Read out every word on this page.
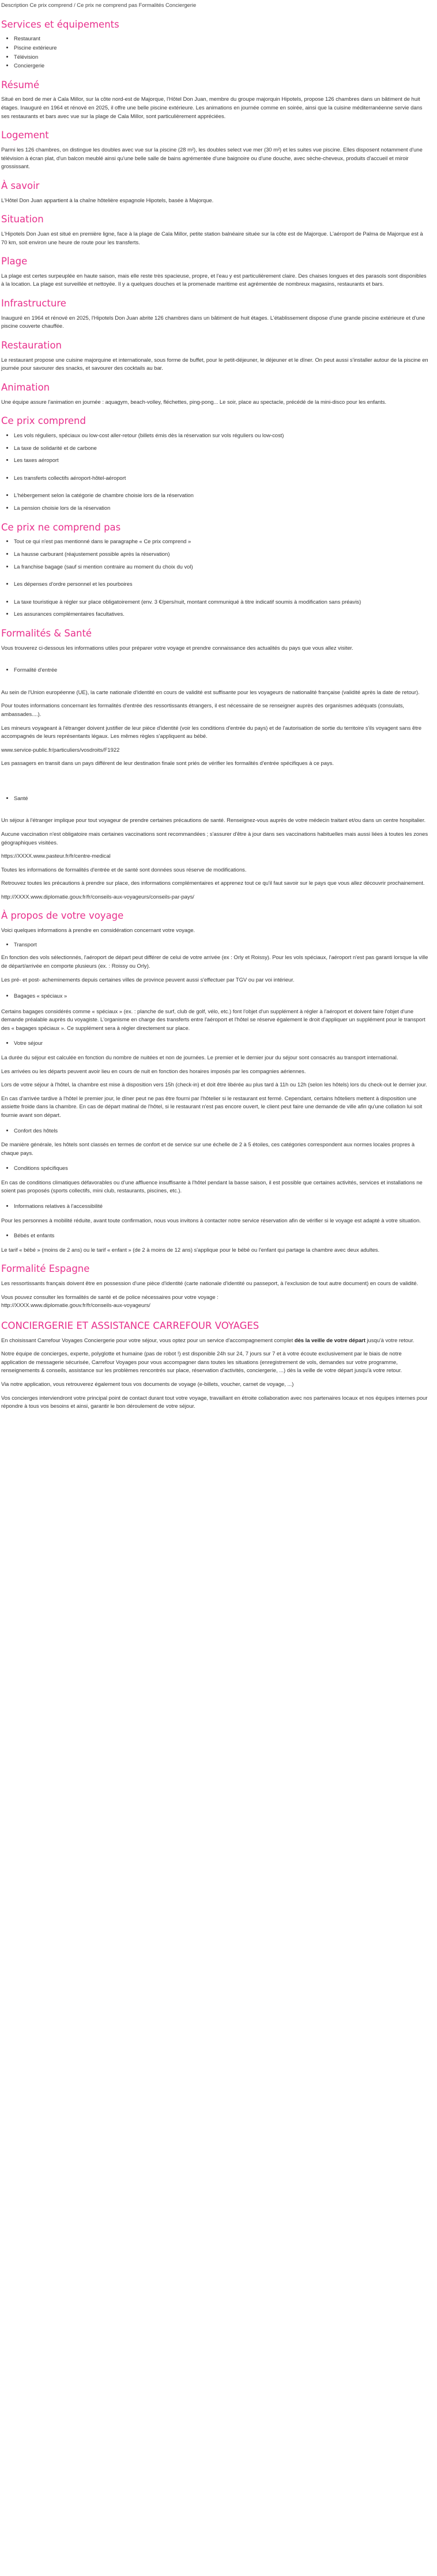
Description Ce prix comprend / Ce prix ne comprend pas Formalités Conciergerie

Services et équipements
• Restaurant
• Piscine extérieure
• Télévision
• Conciergerie
Résumé

Situé en bord de mer à Cala Millor, sur la côte nord-est de Majorque, l'Hôtel Don Juan, membre du groupe majorquin Hipotels, propose 126 chambres dans un bâtiment de huit étages. Inauguré en 1964 et rénové en 2025, il offre une belle piscine extérieure. Les animations en journée comme en soirée, ainsi que la cuisine méditerranéenne servie dans ses restaurants et bars avec vue sur la plage de Cala Millor, sont particulièrement appréciées.

Logement

Parmi les 126 chambres, on distingue les doubles avec vue sur la piscine (28 m²), les doubles select vue mer (30 m²) et les suites vue piscine. Elles disposent notamment d'une télévision à écran plat, d'un balcon meublé ainsi qu'une belle salle de bains agrémentée d'une baignoire ou d'une douche, avec sèche-cheveux, produits d'accueil et miroir grossissant.

À savoir

L'Hôtel Don Juan appartient à la chaîne hôtelière espagnole Hipotels, basée à Majorque.

Situation

L'Hipotels Don Juan est situé en première ligne, face à la plage de Cala Millor, petite station balnéaire située sur la côte est de Majorque. L'aéroport de Palma de Majorque est à 70 km, soit environ une heure de route pour les transferts.

Plage

La plage est certes surpeuplée en haute saison, mais elle reste très spacieuse, propre, et l'eau y est particulièrement claire. Des chaises longues et des parasols sont disponibles à la location. La plage est surveillée et nettoyée. Il y a quelques douches et la promenade maritime est agrémentée de nombreux magasins, restaurants et bars.

Infrastructure

Inauguré en 1964 et rénové en 2025, l'Hipotels Don Juan abrite 126 chambres dans un bâtiment de huit étages. L'établissement dispose d'une grande piscine extérieure et d'une piscine couverte chauffée.

Restauration

Le restaurant propose une cuisine majorquine et internationale, sous forme de buffet, pour le petit-déjeuner, le déjeuner et le dîner. On peut aussi s'installer autour de la piscine en journée pour savourer des snacks, et savourer des cocktails au bar.

Animation

Une équipe assure l'animation en journée : aquagym, beach-volley, fléchettes, ping-pong... Le soir, place au spectacle, précédé de la mini-disco pour les enfants.

Ce prix comprend
• Les vols réguliers, spéciaux ou low-cost aller-retour (billets émis dès la réservation sur vols réguliers ou low-cost)
• La taxe de solidarité et de carbone
• Les taxes aéroport
• Les transferts collectifs aéroport-hôtel-aéroport
• L'hébergement selon la catégorie de chambre choisie lors de la réservation
• La pension choisie lors de la réservation
Ce prix ne comprend pas
• Tout ce qui n'est pas mentionné dans le paragraphe « Ce prix comprend »
• La hausse carburant (réajustement possible après la réservation)
• La franchise bagage (sauf si mention contraire au moment du choix du vol)
• Les dépenses d'ordre personnel et les pourboires
• La taxe touristique à régler sur place obligatoirement (env. 3 €/pers/nuit, montant communiqué à titre indicatif soumis à modification sans préavis)
• Les assurances complémentaires facultatives.
Formalités & Santé

Vous trouverez ci-dessous les informations utiles pour préparer votre voyage et prendre connaissance des actualités du pays que vous allez visiter.

• Formalité d'entrée

Au sein de l'Union européenne (UE), la carte nationale d'identité en cours de validité est suffisante pour les voyageurs de nationalité française (validité après la date de retour).

Pour toutes informations concernant les formalités d'entrée des ressortissants étrangers, il est nécessaire de se renseigner auprès des organismes adéquats (consulats, ambassades....).

Les mineurs voyageant à l'étranger doivent justifier de leur pièce d'identité (voir les conditions d'entrée du pays) et de l'autorisation de sortie du territoire s'ils voyagent sans être accompagnés de leurs représentants légaux. Les mêmes règles s'appliquent au bébé.

www.service-public.fr/particuliers/vosdroits/F1922

Les passagers en transit dans un pays différent de leur destination finale sont priés de vérifier les formalités d'entrée spécifiques à ce pays.

• Santé

Un séjour à l'étranger implique pour tout voyageur de prendre certaines précautions de santé. Renseignez-vous auprès de votre médecin traitant et/ou dans un centre hospitalier.

Aucune vaccination n'est obligatoire mais certaines vaccinations sont recommandées ; s'assurer d'être à jour dans ses vaccinations habituelles mais aussi liées à toutes les zones géographiques visitées.

https://XXXX.www.pasteur.fr/fr/centre-medical

Toutes les informations de formalités d'entrée et de santé sont données sous réserve de modifications.

Retrouvez toutes les précautions à prendre sur place, des informations complémentaires et apprenez tout ce qu'il faut savoir sur le pays que vous allez découvrir prochainement.

http://XXXX.www.diplomatie.gouv.fr/fr/conseils-aux-voyageurs/conseils-par-pays/

À propos de votre voyage

Voici quelques informations à prendre en considération concernant votre voyage.

• Transport

En fonction des vols sélectionnés, l'aéroport de départ peut différer de celui de votre arrivée (ex : Orly et Roissy). Pour les vols spéciaux, l'aéroport n'est pas garanti lorsque la ville de départ/arrivée en comporte plusieurs (ex. : Roissy ou Orly).

Les pré- et post- acheminements depuis certaines villes de province peuvent aussi s'effectuer par TGV ou par voi intérieur.

• Bagages « spéciaux »

Certains bagages considérés comme « spéciaux » (ex. : planche de surf, club de golf, vélo, etc.) font l'objet d'un supplément à régler à l'aéroport et doivent faire l'objet d'une demande préalable auprès du voyagiste. L'organisme en charge des transferts entre l'aéroport et l'hôtel se réserve également le droit d'appliquer un supplément pour le transport des « bagages spéciaux ». Ce supplément sera à régler directement sur place.

• Votre séjour

La durée du séjour est calculée en fonction du nombre de nuitées et non de journées. Le premier et le dernier jour du séjour sont consacrés au transport international.

Les arrivées ou les départs peuvent avoir lieu en cours de nuit en fonction des horaires imposés par les compagnies aériennes.

Lors de votre séjour à l'hôtel, la chambre est mise à disposition vers 15h (check-in) et doit être libérée au plus tard à 11h ou 12h (selon les hôtels) lors du check-out le dernier jour.

En cas d'arrivée tardive à l'hôtel le premier jour, le dîner peut ne pas être fourni par l'hôtelier si le restaurant est fermé. Cependant, certains hôteliers mettent à disposition une assiette froide dans la chambre. En cas de départ matinal de l'hôtel, si le restaurant n'est pas encore ouvert, le client peut faire une demande de ville afin qu'une collation lui soit fournie avant son départ.

• Confort des hôtels

De manière générale, les hôtels sont classés en termes de confort et de service sur une échelle de 2 à 5 étoiles, ces catégories correspondent aux normes locales propres à chaque pays.

• Conditions spécifiques

En cas de conditions climatiques défavorables ou d'une affluence insuffisante à l'hôtel pendant la basse saison, il est possible que certaines activités, services et installations ne soient pas proposés (sports collectifs, mini club, restaurants, piscines, etc.).

• Informations relatives à l'accessibilité

Pour les personnes à mobilité réduite, avant toute confirmation, nous vous invitons à contacter notre service réservation afin de vérifier si le voyage est adapté à votre situation.

• Bébés et enfants

Le tarif « bébé » (moins de 2 ans) ou le tarif « enfant » (de 2 à moins de 12 ans) s'applique pour le bébé ou l'enfant qui partage la chambre avec deux adultes.

Formalité Espagne

Les ressortissants français doivent être en possession d'une pièce d'identité (carte nationale d'identité ou passeport, à l'exclusion de tout autre document) en cours de validité.

Vous pouvez consulter les formalités de santé et de police nécessaires pour votre voyage :
http://XXXX.www.diplomatie.gouv.fr/fr/conseils-aux-voyageurs/

CONCIERGERIE ET ASSISTANCE CARREFOUR VOYAGES

En choisissant Carrefour Voyages Conciergerie pour votre séjour, vous optez pour un service d'accompagnement complet dès la veille de votre départ jusqu'à votre retour.

Notre équipe de concierges, experte, polyglotte et humaine (pas de robot !) est disponible 24h sur 24, 7 jours sur 7 et à votre écoute exclusivement par le biais de notre application de messagerie sécurisée, Carrefour Voyages pour vous accompagner dans toutes les situations (enregistrement de vols, demandes sur votre programme, renseignements & conseils, assistance sur les problèmes rencontrés sur place, réservation d'activités, conciergerie, ...) dès la veille de votre départ jusqu'à votre retour.

Via notre application, vous retrouverez également tous vos documents de voyage (e-billets, voucher, carnet de voyage, ...)

Vos concierges interviendront votre principal point de contact durant tout votre voyage, travaillant en étroite collaboration avec nos partenaires locaux et nos équipes internes pour répondre à tous vos besoins et ainsi, garantir le bon déroulement de votre séjour.
